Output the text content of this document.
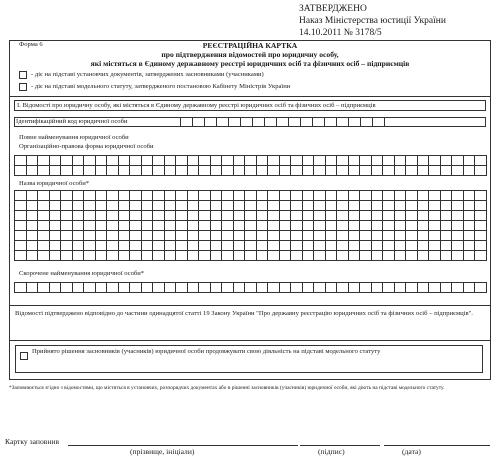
ЗАТВЕРДЖЕНО
Наказ Міністерства юстиції України
14.10.2011 № 3178/5
Форма 6	РЕЄСТРАЦІЙНА КАРТКА
про підтвердження відомостей про юридичну особу,
які містяться в Єдиному державному реєстрі юридичних осіб та фізичних осіб – підприємців
- діє на підставі установчих документів, затверджених засновниками (учасниками)
- діє на підставі модельного статуту, затвердженого постановою Кабінету Міністрів України
I. Відомості про юридичну особу, які містяться в Єдиному державному реєстрі юридичних осіб та фізичних осіб – підприємців
Ідентифікаційний код юридичної особи

Повне найменування юридичної особи
Організаційно-правова форма юридичної особи

Назва юридичної особи*

Скорочене найменування юридичної особи*

Відомості підтверджено відповідно до частини одинадцятої статті 19 Закону України "Про державну реєстрацію юридичних осіб та фізичних осіб – підприємців".
Прийнято рішення засновників (учасників) юридичної особи продовжувати свою діяльність на підставі модельного статуту
*Заповнюється згідно з відомостями, що містяться в установчих, розпорядчих документах або в рішенні засновників (учасників) юридичної особи, які діють на підставі модельного статуту.
Картку заповнив
(прізвище, ініціали)	(підпис)	(дата)
